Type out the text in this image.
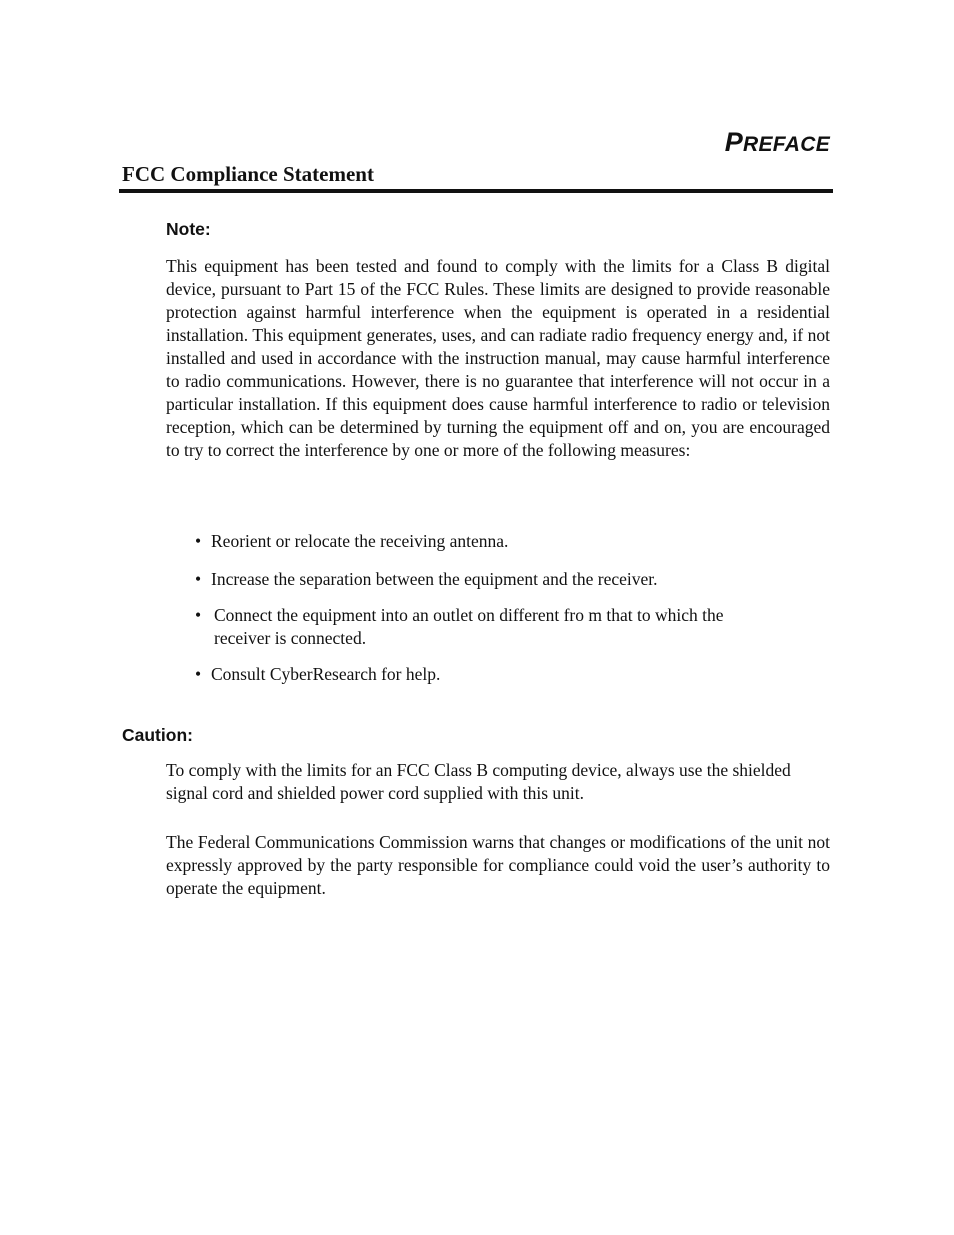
PREFACE
FCC Compliance Statement
Note:

This equipment has been tested and found to comply with the limits for a Class B digital device, pursuant to Part 15 of the FCC Rules. These limits are designed to provide reasonable protection against harmful interference when the equipment is operated in a residential installation. This equipment generates, uses, and can radiate radio frequency energy and, if not installed and used in accordance with the instruction manual, may cause harmful interference to radio communications. However, there is no guarantee that interference will not occur in a particular installation. If this equipment does cause harmful interference to radio or television reception, which can be determined by turning the equipment off and on, you are encouraged to try to correct the interference by one or more of the following measures:

• Reorient or relocate the receiving antenna.
• Increase the separation between the equipment and the receiver.
• Connect the equipment into an outlet on different fro m that to which the receiver is connected.
• Consult CyberResearch for help.
Caution:

To comply with the limits for an FCC Class B computing device, always use the shielded signal cord and shielded power cord supplied with this unit.

The Federal Communications Commission warns that changes or modifications of the unit not expressly approved by the party responsible for compliance could void the user’s authority to operate the equipment.
